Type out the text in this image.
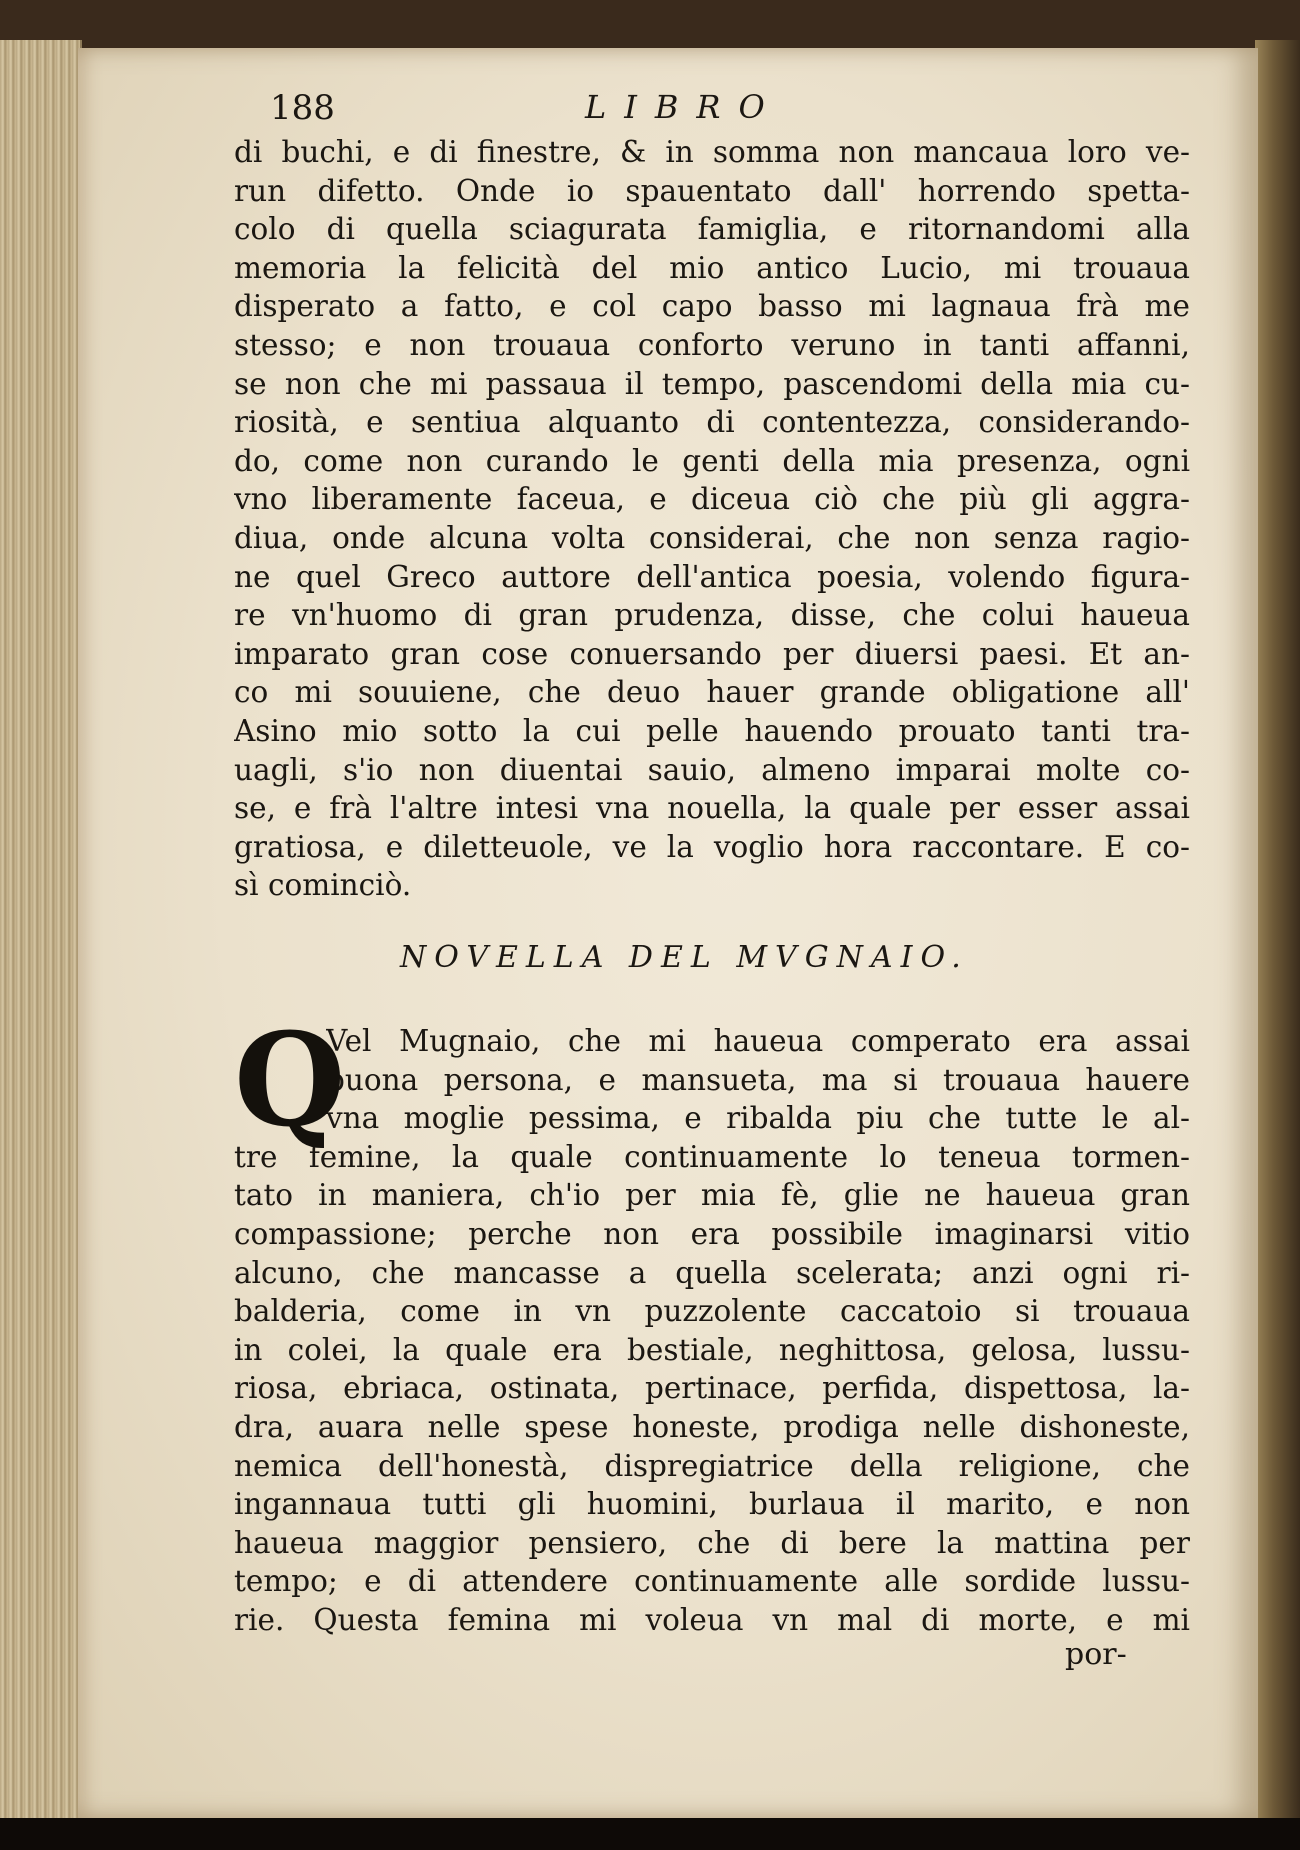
188	LIBRO
di buchi, e di finestre, & in somma non mancaua loro ve-
run difetto. Onde io spauentato dall' horrendo spetta-
colo di quella sciagurata famiglia, e ritornandomi alla
memoria la felicità del mio antico Lucio, mi trouaua
disperato a fatto, e col capo basso mi lagnaua frà me
stesso; e non trouaua conforto veruno in tanti affanni,
se non che mi passaua il tempo, pascendomi della mia cu-
riosità, e sentiua alquanto di contentezza, considerando-
do, come non curando le genti della mia presenza, ogni
vno liberamente faceua, e diceua ciò che più gli aggra-
diua, onde alcuna volta considerai, che non senza ragio-
ne quel Greco auttore dell'antica poesia, volendo figura-
re vn'huomo di gran prudenza, disse, che colui haueua
imparato gran cose conuersando per diuersi paesi. Et an-
co mi souuiene, che deuo hauer grande obligatione all'
Asino mio sotto la cui pelle hauendo prouato tanti tra-
uagli, s'io non diuentai sauio, almeno imparai molte co-
se, e frà l'altre intesi vna nouella, la quale per esser assai
gratiosa, e diletteuole, ve la voglio hora raccontare. E co-
sì cominciò.
NOVELLA DEL MVGNAIO.
Q
Vel Mugnaio, che mi haueua comperato era assai
buona persona, e mansueta, ma si trouaua hauere
vna moglie pessima, e ribalda piu che tutte le al-
tre femine, la quale continuamente lo teneua tormen-
tato in maniera, ch'io per mia fè, glie ne haueua gran
compassione; perche non era possibile imaginarsi vitio
alcuno, che mancasse a quella scelerata; anzi ogni ri-
balderia, come in vn puzzolente caccatoio si trouaua
in colei, la quale era bestiale, neghittosa, gelosa, lussu-
riosa, ebriaca, ostinata, pertinace, perfida, dispettosa, la-
dra, auara nelle spese honeste, prodiga nelle dishoneste,
nemica dell'honestà, dispregiatrice della religione, che
ingannaua tutti gli huomini, burlaua il marito, e non
haueua maggior pensiero, che di bere la mattina per
tempo; e di attendere continuamente alle sordide lussu-
rie. Questa femina mi voleua vn mal di morte, e mi
por-
